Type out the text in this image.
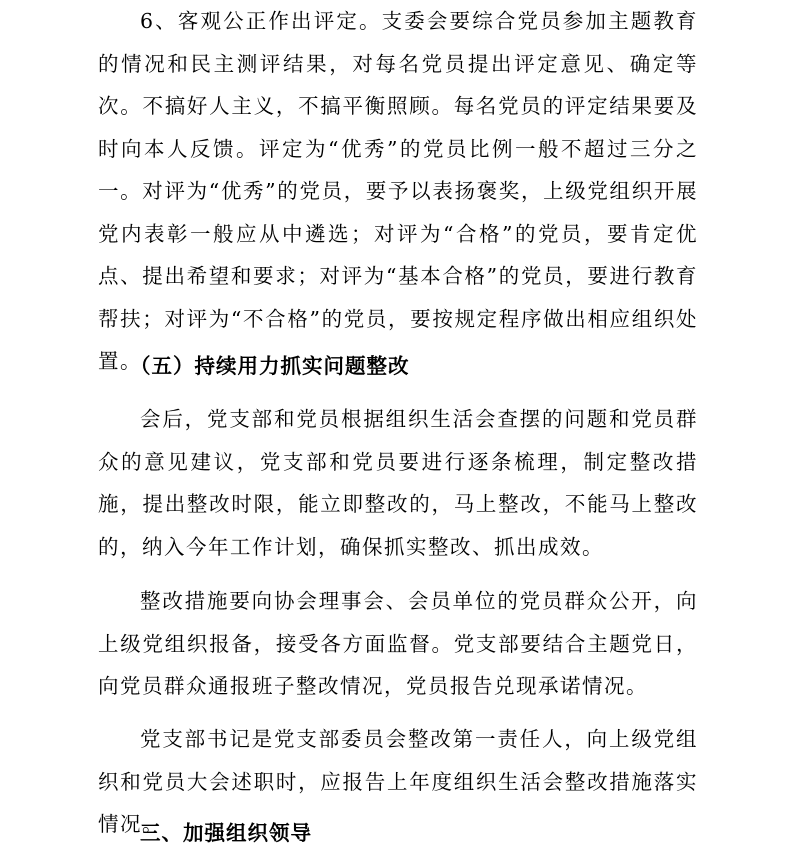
6、客观公正作出评定。支委会要综合党员参加主题教育的情况和民主测评结果，对每名党员提出评定意见、确定等次。不搞好人主义，不搞平衡照顾。每名党员的评定结果要及时向本人反馈。评定为“优秀”的党员比例一般不超过三分之一。对评为“优秀”的党员，要予以表扬褒奖，上级党组织开展党内表彰一般应从中遴选；对评为“合格”的党员，要肯定优点、提出希望和要求；对评为“基本合格”的党员，要进行教育帮扶；对评为“不合格”的党员，要按规定程序做出相应组织处置。

（五）持续用力抓实问题整改

会后，党支部和党员根据组织生活会查摆的问题和党员群众的意见建议，党支部和党员要进行逐条梳理，制定整改措施，提出整改时限，能立即整改的，马上整改，不能马上整改的，纳入今年工作计划，确保抓实整改、抓出成效。

整改措施要向协会理事会、会员单位的党员群众公开，向上级党组织报备，接受各方面监督。党支部要结合主题党日，向党员群众通报班子整改情况，党员报告兑现承诺情况。

党支部书记是党支部委员会整改第一责任人，向上级党组织和党员大会述职时，应报告上年度组织生活会整改措施落实情况。

三、加强组织领导
